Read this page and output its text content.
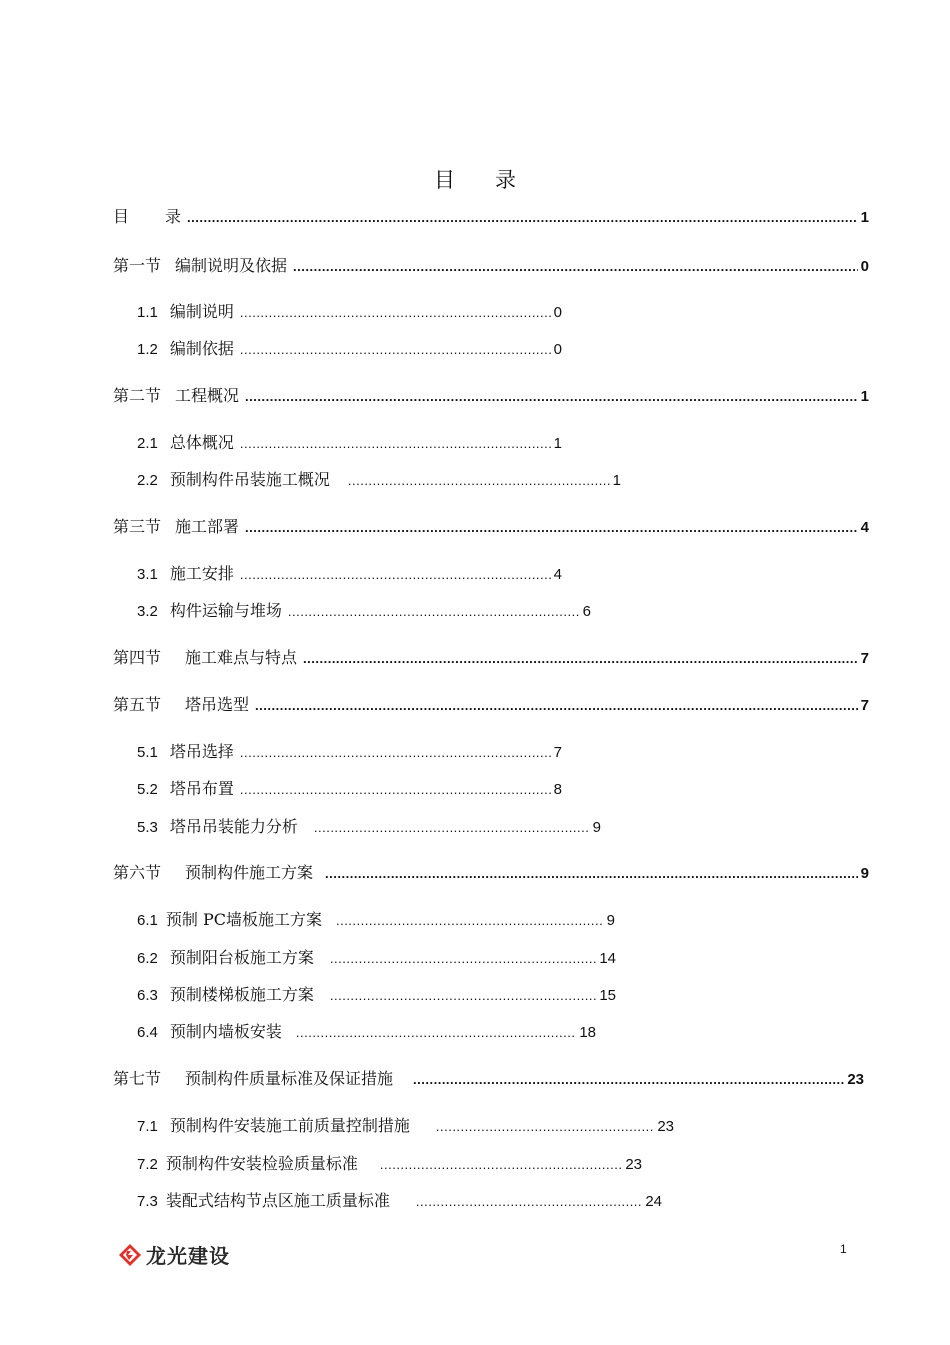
目 录
目 录 .....	1
第一节 编制说明及依据 .....	0
1.1 编制说明 .....	0
1.2 编制依据 .....	0
第二节 工程概况 .....	1
2.1 总体概况 .....	1
2.2 预制构件吊装施工概况 .....	1
第三节 施工部署 .....	4
3.1 施工安排 .....	4
3.2 构件运输与堆场 .....	6
第四节 施工难点与特点 .....	7
第五节 塔吊选型 .....	7
5.1 塔吊选择 .....	7
5.2 塔吊布置 .....	8
5.3 塔吊吊装能力分析 .....	9
第六节 预制构件施工方案 .....	9
6.1 预制 PC墙板施工方案 .....	9
6.2 预制阳台板施工方案 .....	14
6.3 预制楼梯板施工方案 .....	15
6.4 预制内墙板安装 .....	18
第七节 预制构件质量标准及保证措施 .....	23
7.1 预制构件安装施工前质量控制措施 .....	23
7.2 预制构件安装检验质量标准 .....	23
7.3 装配式结构节点区施工质量标准 .....	24
龙光建设	1
